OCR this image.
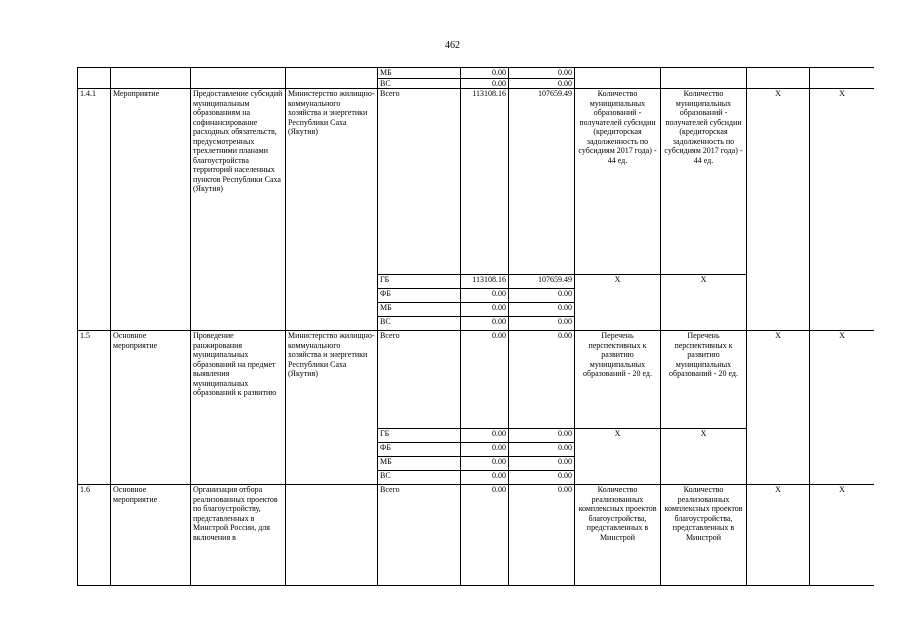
462
				МБ	0.00	0.00				
				ВС	0.00	0.00				
1.4.1	Мероприятие	Предоставление субсидий муниципальным образованиям на софинансирование расходных обязательств, предусмотренных трехлетними планами благоустройства территорий населенных пунктов Республики Саха (Якутия)	Министерство жилищно-коммунального хозяйства и энергетики Республики Саха (Якутия)	Всего	113108.16	107659.49	Количество муниципальных образований - получателей субсидии (кредиторская задолженность по субсидиям 2017 года) - 44 ед.	Количество муниципальных образований - получателей субсидии (кредиторская задолженность по субсидиям 2017 года) - 44 ед.	Х	Х
				ГБ	113108.16	107659.49	Х	Х		
				ФБ	0.00	0.00				
				МБ	0.00	0.00				
				ВС	0.00	0.00				
1.5	Основное мероприятие	Проведение ранжирования муниципальных образований на предмет выявления муниципальных образований к развитию	Министерство жилищно-коммунального хозяйства и энергетики Республики Саха (Якутия)	Всего	0.00	0.00	Перечень перспективных к развитию муниципальных образований - 20 ед.	Перечень перспективных к развитию муниципальных образований - 20 ед.	Х	Х
				ГБ	0.00	0.00	Х	Х		
				ФБ	0.00	0.00				
				МБ	0.00	0.00				
				ВС	0.00	0.00				
1.6	Основное мероприятие	Организация отбора реализованных проектов по благоустройству, представленных в Минстрой России, для включения в		Всего	0.00	0.00	Количество реализованных комплексных проектов благоустройства, представленных в Минстрой	Количество реализованных комплексных проектов благоустройства, представленных в Минстрой	Х	Х
